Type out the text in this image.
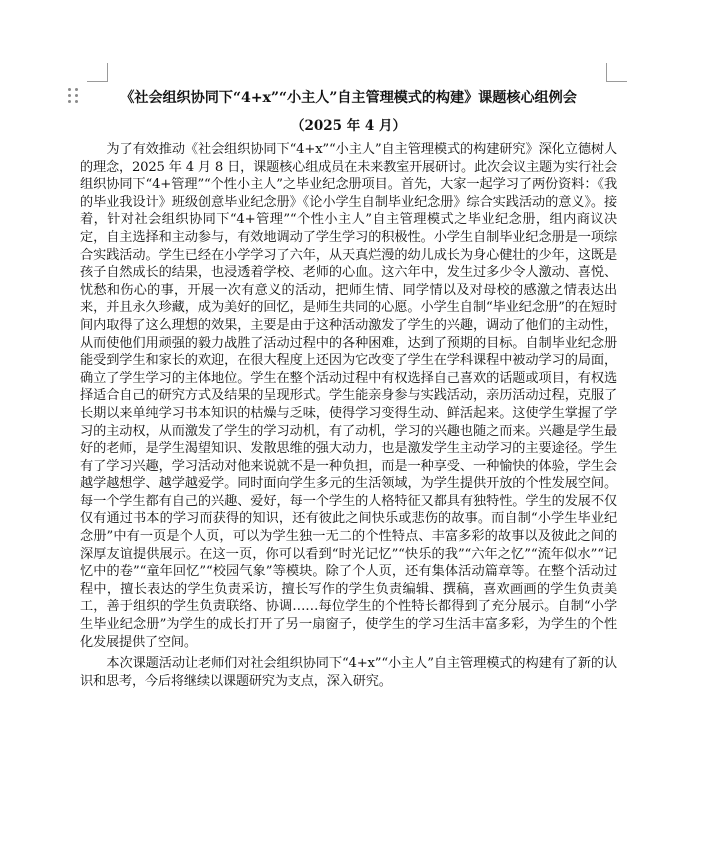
《社会组织协同下“4+x”“小主人”自主管理模式的构建》课题核心组例会
（2025 年 4 月）

为了有效推动《社会组织协同下“4+x”“小主人”自主管理模式的构建研究》深化立德树人的理念，2025 年 4 月 8 日，课题核心组成员在未来教室开展研讨。此次会议主题为实行社会组织协同下“4+管理”“个性小主人”之毕业纪念册项目。首先，大家一起学习了两份资料：《我的毕业我设计》班级创意毕业纪念册》《论小学生自制毕业纪念册》综合实践活动的意义》。接着，针对社会组织协同下“4+管理”“个性小主人”自主管理模式之毕业纪念册，组内商议决定，自主选择和主动参与，有效地调动了学生学习的积极性。小学生自制毕业纪念册是一项综合实践活动。学生已经在小学学习了六年，从天真烂漫的幼儿成长为身心健壮的少年，这既是孩子自然成长的结果，也浸透着学校、老师的心血。这六年中，发生过多少令人激动、喜悦、忧愁和伤心的事，开展一次有意义的活动，把师生情、同学情以及对母校的感激之情表达出来，并且永久珍藏，成为美好的回忆，是师生共同的心愿。小学生自制“毕业纪念册”的在短时间内取得了这么理想的效果，主要是由于这种活动激发了学生的兴趣，调动了他们的主动性，从而使他们用顽强的毅力战胜了活动过程中的各种困难，达到了预期的目标。自制毕业纪念册能受到学生和家长的欢迎，在很大程度上还因为它改变了学生在学科课程中被动学习的局面，确立了学生学习的主体地位。学生在整个活动过程中有权选择自己喜欢的话题或项目，有权选择适合自己的研究方式及结果的呈现形式。学生能亲身参与实践活动，亲历活动过程，克服了长期以来单纯学习书本知识的枯燥与乏味，使得学习变得生动、鲜活起来。这使学生掌握了学习的主动权，从而激发了学生的学习动机，有了动机，学习的兴趣也随之而来。兴趣是学生最好的老师，是学生渴望知识、发散思维的强大动力，也是激发学生主动学习的主要途径。学生有了学习兴趣，学习活动对他来说就不是一种负担，而是一种享受、一种愉快的体验，学生会越学越想学、越学越爱学。同时面向学生多元的生活领域，为学生提供开放的个性发展空间。每一个学生都有自己的兴趣、爱好，每一个学生的人格特征又都具有独特性。学生的发展不仅仅有通过书本的学习而获得的知识，还有彼此之间快乐或悲伤的故事。而自制“小学生毕业纪念册”中有一页是个人页，可以为学生独一无二的个性特点、丰富多彩的故事以及彼此之间的深厚友谊提供展示。在这一页，你可以看到“时光记忆”“快乐的我”“六年之忆”“流年似水”“记忆中的卷”“童年回忆”“校园气象”等模块。除了个人页，还有集体活动篇章等。在整个活动过程中，擅长表达的学生负责采访，擅长写作的学生负责编辑、撰稿，喜欢画画的学生负责美工，善于组织的学生负责联络、协调……每位学生的个性特长都得到了充分展示。自制“小学生毕业纪念册”为学生的成长打开了另一扇窗子，使学生的学习生活丰富多彩，为学生的个性化发展提供了空间。

本次课题活动让老师们对社会组织协同下“4+x”“小主人”自主管理模式的构建有了新的认识和思考，今后将继续以课题研究为支点，深入研究。
